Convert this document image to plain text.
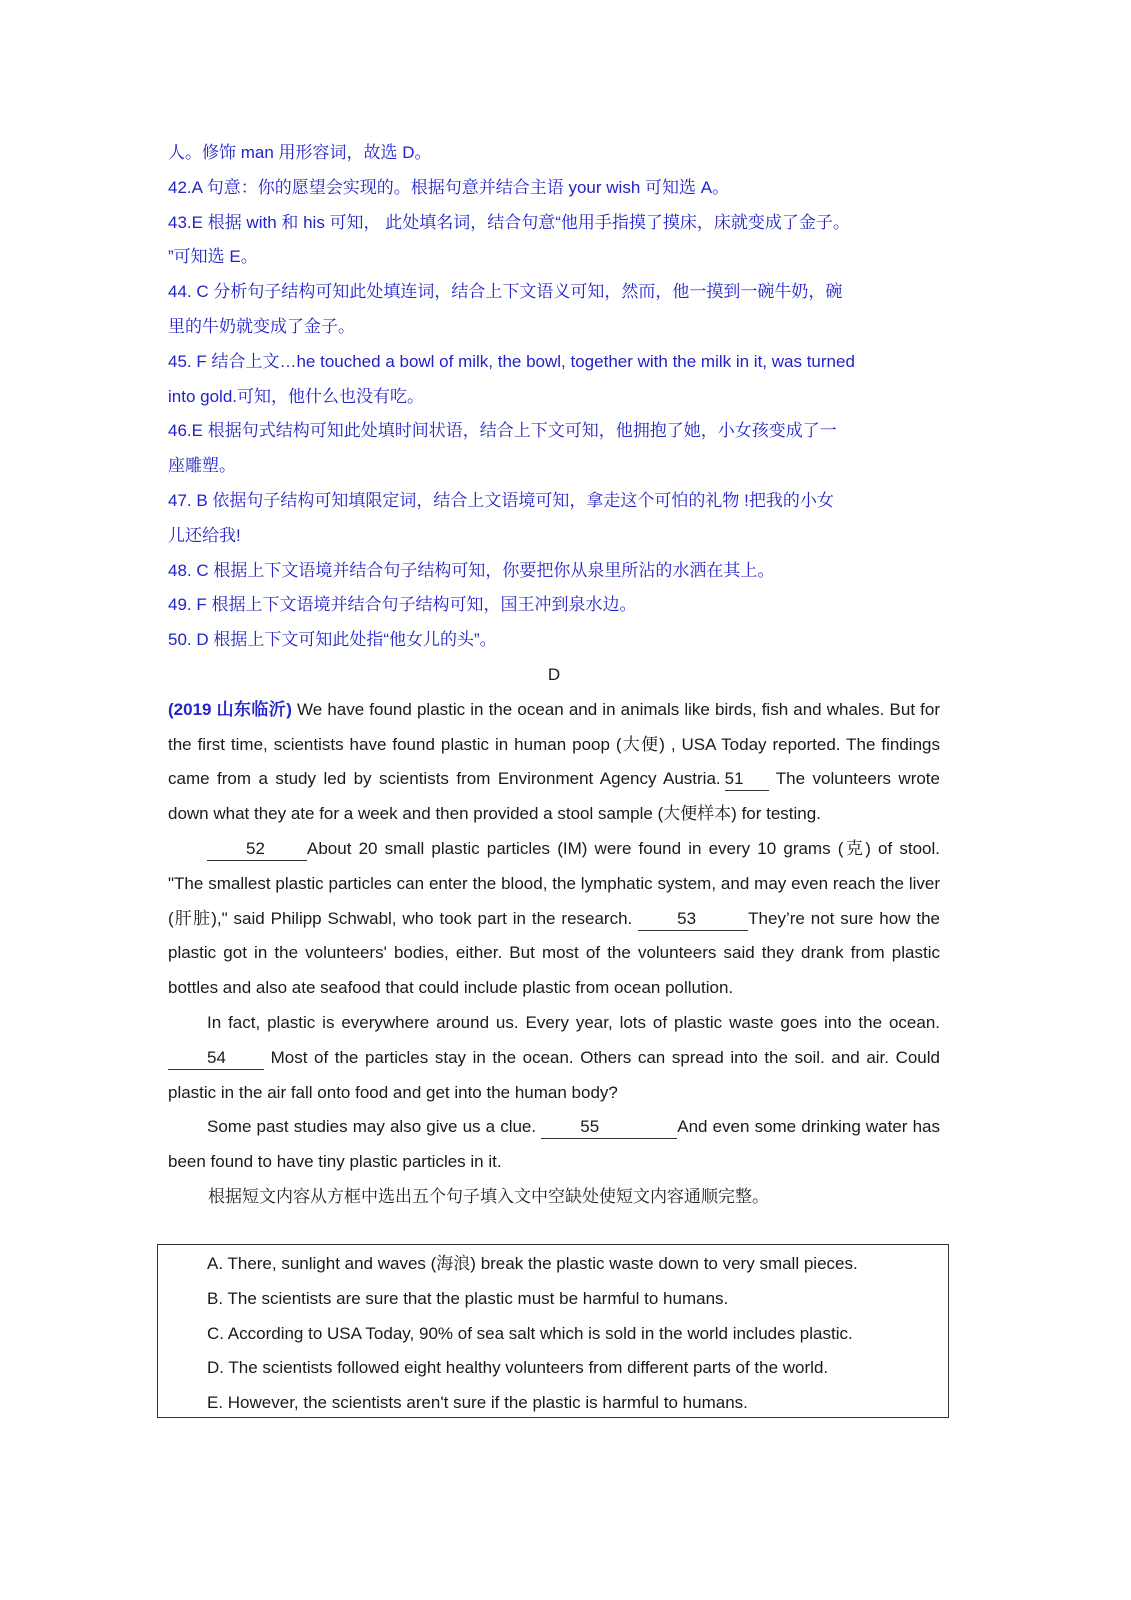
人。修饰 man 用形容词，故选 D。

42.A 句意：你的愿望会实现的。根据句意并结合主语 your wish 可知选 A。

43.E 根据 with 和 his 可知， 此处填名词，结合句意“他用手指摸了摸床，床就变成了金子。

”可知选 E。

44. C 分析句子结构可知此处填连词，结合上下文语义可知，然而，他一摸到一碗牛奶，碗

里的牛奶就变成了金子。

45. F 结合上文…he touched a bowl of milk, the bowl, together with the milk in it, was turned

into gold.可知，他什么也没有吃。

46.E 根据句式结构可知此处填时间状语，结合上下文可知，他拥抱了她，小女孩变成了一

座雕塑。

47. B 依据句子结构可知填限定词，结合上文语境可知，拿走这个可怕的礼物 !把我的小女

儿还给我!

48. C 根据上下文语境并结合句子结构可知，你要把你从泉里所沾的水洒在其上。

49. F 根据上下文语境并结合句子结构可知，国王冲到泉水边。

50. D 根据上下文可知此处指“他女儿的头”。

D

(2019 山东临沂) We have found plastic in the ocean and in animals like birds, fish and whales. But for the first time, scientists have found plastic in human poop (大便) , USA Today reported. The findings came from a study led by scientists from Environment Agency Austria. 51 The volunteers wrote down what they ate for a week and then provided a stool sample (大便样本) for testing.

52 About 20 small plastic particles (IM) were found in every 10 grams (克) of stool. "The smallest plastic particles can enter the blood, the lymphatic system, and may even reach the liver (肝脏)," said Philipp Schwabl, who took part in the research. 53	They’re not sure how the plastic got in the volunteers' bodies, either. But most of the volunteers said they drank from plastic bottles and also ate seafood that could include plastic from ocean pollution.

In fact, plastic is everywhere around us. Every year, lots of plastic waste goes into the ocean. 54 Most of the particles stay in the ocean. Others can spread into the soil. and air. Could plastic in the air fall onto food and get into the human body?

Some past studies may also give us a clue. 55	And even some drinking water has been found to have tiny plastic particles in it.

根据短文内容从方框中选出五个句子填入文中空缺处使短文内容通顺完整。

A. There, sunlight and waves (海浪) break the plastic waste down to very small pieces.

B. The scientists are sure that the plastic must be harmful to humans.

C. According to USA Today, 90% of sea salt which is sold in the world includes plastic.

D. The scientists followed eight healthy volunteers from different parts of the world.

E. However, the scientists aren't sure if the plastic is harmful to humans.
